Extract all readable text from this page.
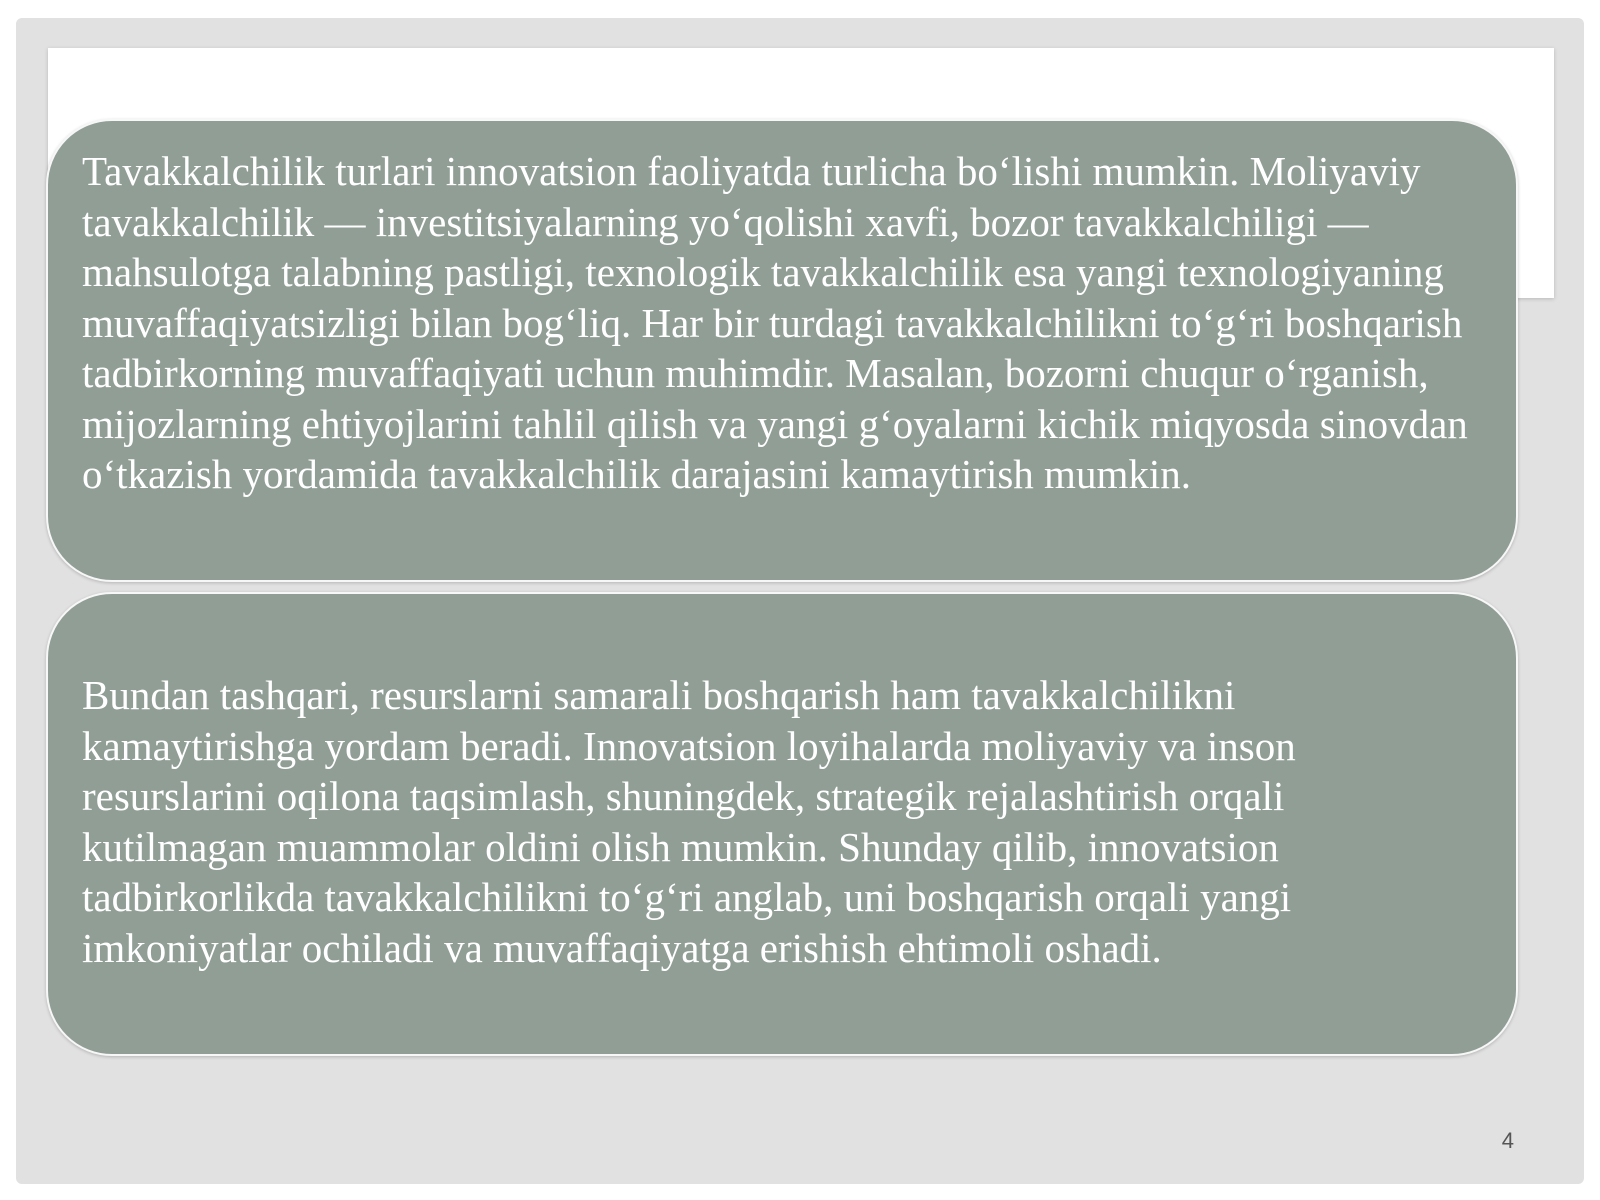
Tavakkalchilik turlari innovatsion faoliyatda turlicha bo‘lishi mumkin. Moliyaviy tavakkalchilik — investitsiyalarning yo‘qolishi xavfi, bozor tavakkalchiligi — mahsulotga talabning pastligi, texnologik tavakkalchilik esa yangi texnologiyaning muvaffaqiyatsizligi bilan bog‘liq. Har bir turdagi tavakkalchilikni to‘g‘ri boshqarish tadbirkorning muvaffaqiyati uchun muhimdir. Masalan, bozorni chuqur o‘rganish, mijozlarning ehtiyojlarini tahlil qilish va yangi g‘oyalarni kichik miqyosda sinovdan o‘tkazish yordamida tavakkalchilik darajasini kamaytirish mumkin.

Bundan tashqari, resurslarni samarali boshqarish ham tavakkalchilikni kamaytirishga yordam beradi. Innovatsion loyihalarda moliyaviy va inson resurslarini oqilona taqsimlash, shuningdek, strategik rejalashtirish orqali kutilmagan muammolar oldini olish mumkin. Shunday qilib, innovatsion tadbirkorlikda tavakkalchilikni to‘g‘ri anglab, uni boshqarish orqali yangi imkoniyatlar ochiladi va muvaffaqiyatga erishish ehtimoli oshadi.

4
